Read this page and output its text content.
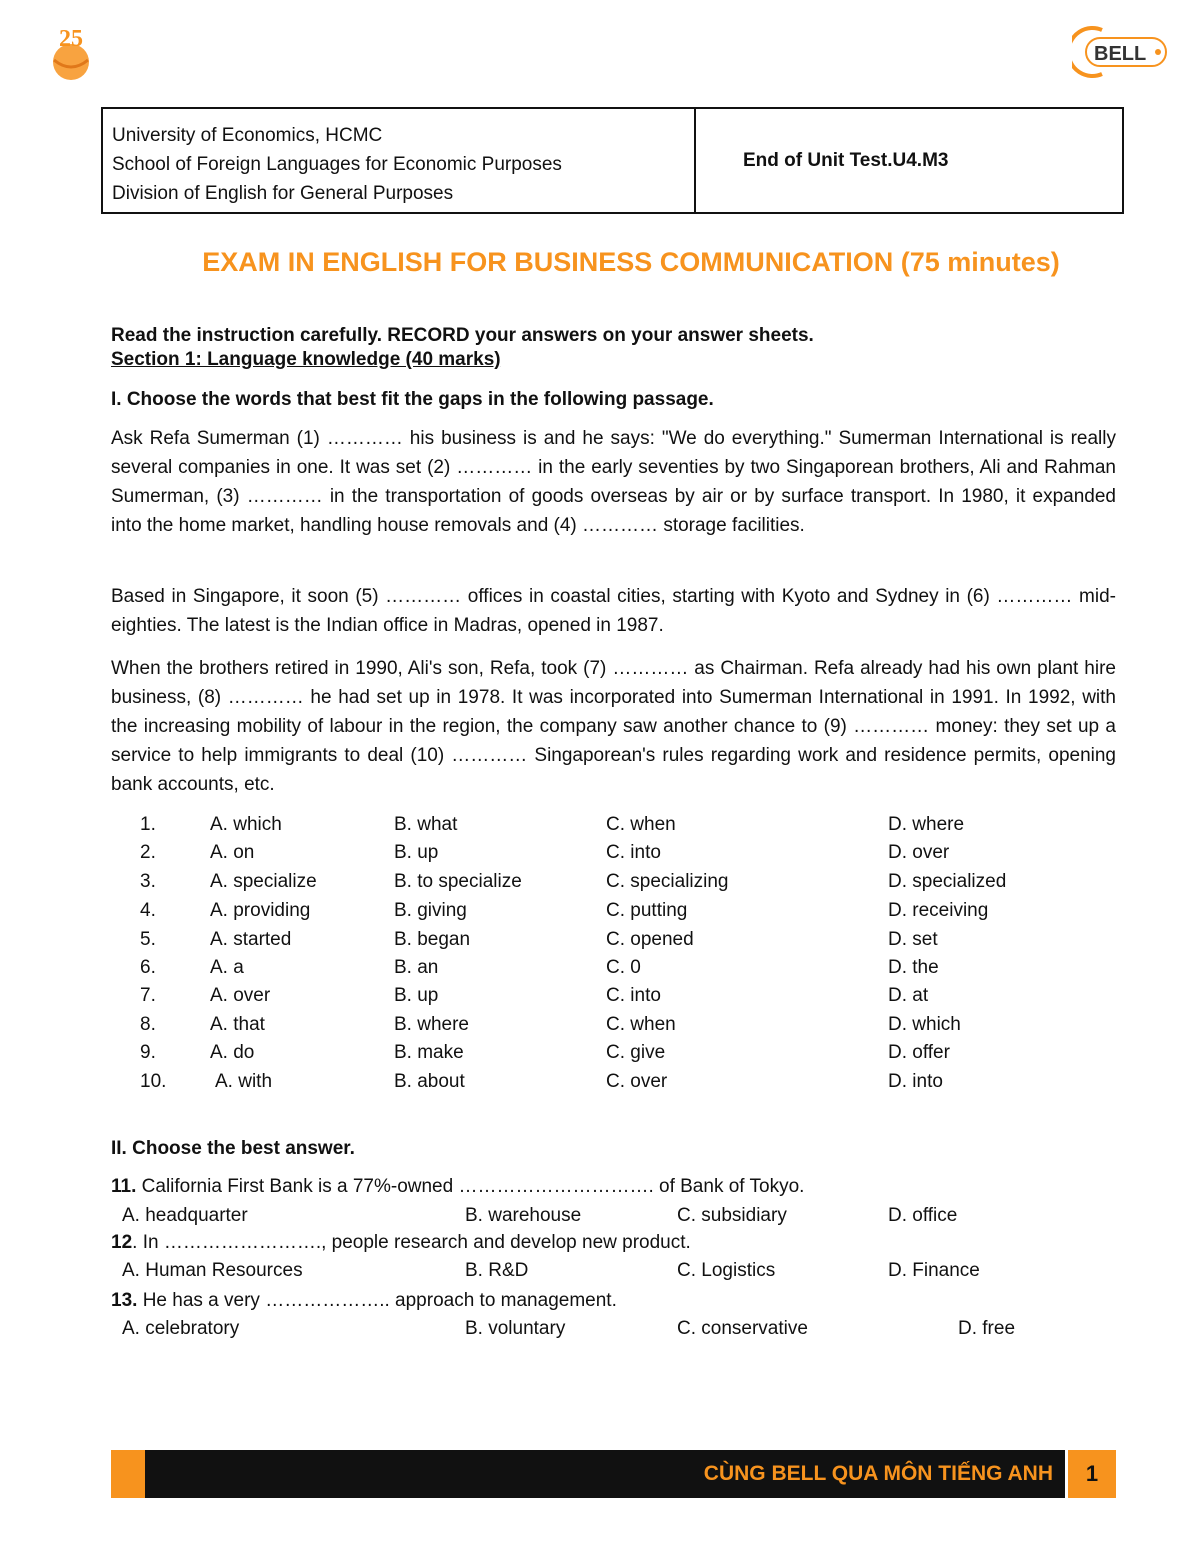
25
BELL
University of Economics, HCMC
School of Foreign Languages for Economic Purposes
Division of English for General Purposes
End of Unit Test.U4.M3
EXAM IN ENGLISH FOR BUSINESS COMMUNICATION (75 minutes)
Read the instruction carefully. RECORD your answers on your answer sheets.
Section 1: Language knowledge (40 marks)
I. Choose the words that best fit the gaps in the following passage.
Ask Refa Sumerman (1) ………… his business is and he says: "We do everything." Sumerman International is really several companies in one. It was set (2) ………… in the early seventies by two Singaporean brothers, Ali and Rahman Sumerman, (3) ………… in the transportation of goods overseas by air or by surface transport. In 1980, it expanded into the home market, handling house removals and (4) ………… storage facilities.
Based in Singapore, it soon (5) ………… offices in coastal cities, starting with Kyoto and Sydney in (6) ………… mid-eighties. The latest is the Indian office in Madras, opened in 1987.
When the brothers retired in 1990, Ali's son, Refa, took (7) ………… as Chairman. Refa already had his own plant hire business, (8) ………… he had set up in 1978. It was incorporated into Sumerman International in 1991. In 1992, with the increasing mobility of labour in the region, the company saw another chance to (9) ………… money: they set up a service to help immigrants to deal (10) ………… Singaporean's rules regarding work and residence permits, opening bank accounts, etc.
1.	A. which	B. what	C. when	D. where
2.	A. on	B. up	C. into	D. over
3.	A. specialize	B. to specialize	C. specializing	D. specialized
4.	A. providing	B. giving	C. putting	D. receiving
5.	A. started	B. began	C. opened	D. set
6.	A. a	B. an	C. 0	D. the
7.	A. over	B. up	C. into	D. at
8.	A. that	B. where	C. when	D. which
9.	A. do	B. make	C. give	D. offer
10.	A. with	B. about	C. over	D. into
II. Choose the best answer.
11. California First Bank is a 77%-owned …………………………. of Bank of Tokyo.
A. headquarter	B. warehouse	C. subsidiary	D. office
12. In ……………………., people research and develop new product.
A. Human Resources	B. R&D	C. Logistics	D. Finance
13. He has a very ……………….. approach to management.
A. celebratory	B. voluntary	C. conservative	D. free
CÙNG BELL QUA MÔN TIẾNG ANH	1
